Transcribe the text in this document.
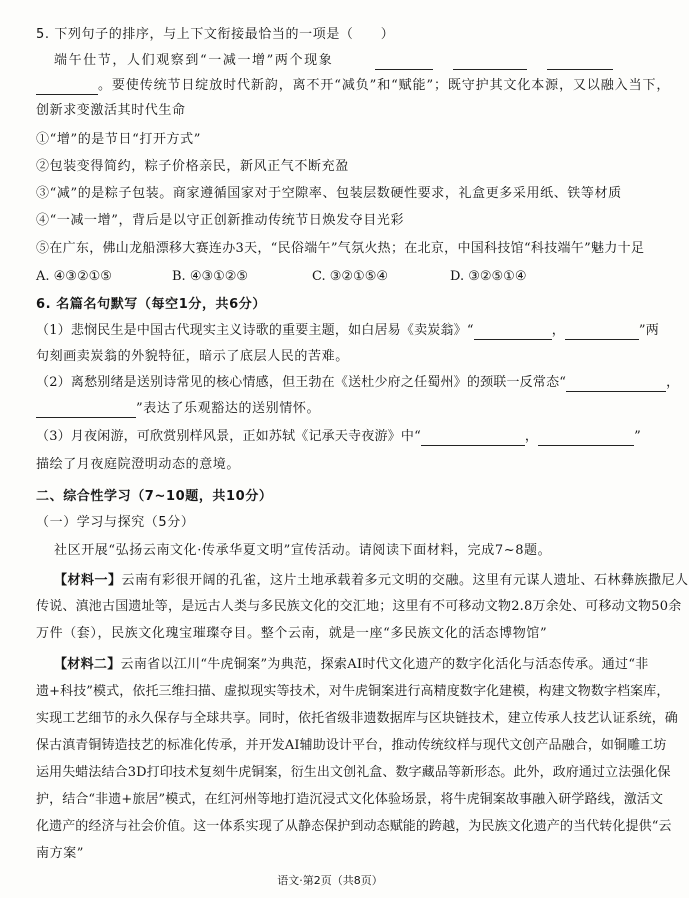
5. 下列句子的排序，与上下文衔接最恰当的一项是（　　）
端午仕节，人们观察到“一减一增”两个现象
。要使传统节日绽放时代新韵，离不开“减负”和“赋能”；既守护其文化本源，又以融入当下，
创新求变激活其时代生命
①“增”的是节日“打开方式”
②包装变得简约，粽子价格亲民，新风正气不断充盈
③“减”的是粽子包装。商家遵循国家对于空隙率、包装层数硬性要求，礼盒更多采用纸、铁等材质
④“一减一增”，背后是以守正创新推动传统节日焕发夺目光彩
⑤在广东，佛山龙船漂移大赛连办3天，“民俗端午”气氛火热；在北京，中国科技馆“科技端午”魅力十足
A. ④③②①⑤	B. ④③①②⑤	C. ③②①⑤④	D. ③②⑤①④
6. 名篇名句默写（每空1分，共6分）
（1）悲悯民生是中国古代现实主义诗歌的重要主题，如白居易《卖炭翁》“	，	”两
句刻画卖炭翁的外貌特征，暗示了底层人民的苦难。
（2）离愁别绪是送别诗常见的核心情感，但王勃在《送杜少府之任蜀州》的颈联一反常态“	，
”表达了乐观豁达的送别情怀。
（3）月夜闲游，可欣赏别样风景，正如苏轼《记承天寺夜游》中“	，	”
描绘了月夜庭院澄明动态的意境。
二、综合性学习（7~10题，共10分）
（一）学习与探究（5分）
社区开展“弘扬云南文化·传承华夏文明”宣传活动。请阅读下面材料，完成7~8题。
【材料一】云南有彩很开阔的孔雀，这片土地承载着多元文明的交融。这里有元谋人遗址、石林彝族撒尼人
传说、滇池古国遗址等，是远古人类与多民族文化的交汇地；这里有不可移动文物2.8万余处、可移动文物50余
万件（套），民族文化瑰宝璀璨夺目。整个云南，就是一座“多民族文化的活态博物馆”
【材料二】云南省以江川“牛虎铜案”为典范，探索AI时代文化遗产的数字化活化与活态传承。通过“非
遗+科技”模式，依托三维扫描、虚拟现实等技术，对牛虎铜案进行高精度数字化建模，构建文物数字档案库，
实现工艺细节的永久保存与全球共享。同时，依托省级非遗数据库与区块链技术，建立传承人技艺认证系统，确
保古滇青铜铸造技艺的标准化传承，并开发AI辅助设计平台，推动传统纹样与现代文创产品融合，如铜雕工坊
运用失蜡法结合3D打印技术复刻牛虎铜案，衍生出文创礼盒、数字藏品等新形态。此外，政府通过立法强化保
护，结合“非遗+旅居”模式，在红河州等地打造沉浸式文化体验场景，将牛虎铜案故事融入研学路线，激活文
化遗产的经济与社会价值。这一体系实现了从静态保护到动态赋能的跨越，为民族文化遗产的当代转化提供“云
南方案”
语文·第2页（共8页）
